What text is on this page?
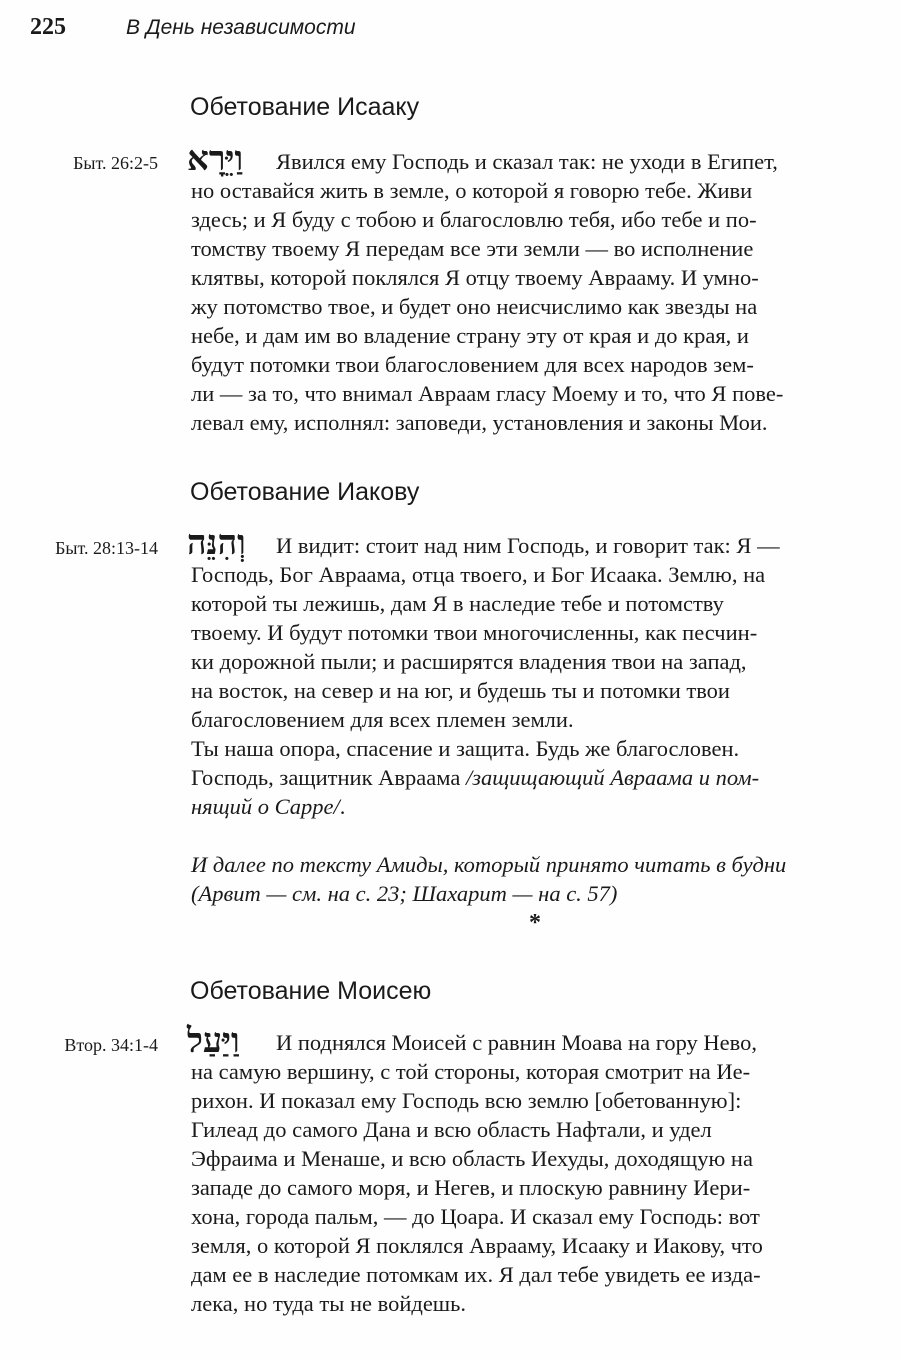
225	В День независимости
Обетование Исааку
Быт. 26:2-5 וַיֵּרָא	Явился ему Господь и сказал так: не уходи в Египет,
но оставайся жить в земле, о которой я говорю тебе. Живи
здесь; и Я буду с тобою и благословлю тебя, ибо тебе и по-
томству твоему Я передам все эти земли — во исполнение
клятвы, которой поклялся Я отцу твоему Аврааму. И умно-
жу потомство твое, и будет оно неисчислимо как звезды на
небе, и дам им во владение страну эту от края и до края, и
будут потомки твои благословением для всех народов зем-
ли — за то, что внимал Авраам гласу Моему и то, что Я пове-
левал ему, исполнял: заповеди, установления и законы Мои.
Обетование Иакову
Быт. 28:13-14 וְהִנֵּה	И видит: стоит над ним Господь, и говорит так: Я —
Господь, Бог Авраама, отца твоего, и Бог Исаака. Землю, на
которой ты лежишь, дам Я в наследие тебе и потомству
твоему. И будут потомки твои многочисленны, как песчин-
ки дорожной пыли; и расширятся владения твои на запад,
на восток, на север и на юг, и будешь ты и потомки твои
благословением для всех племен земли.
Ты наша опора, спасение и защита. Будь же благословен.
Господь, защитник Авраама /защищающий Авраама и пом-
нящий о Сарре/.
И далее по тексту Амиды, который принято читать в будни
(Арвит — см. на с. 23; Шахарит — на с. 57)
*
Обетование Моисею
Втор. 34:1-4 וַיַּעַל	И поднялся Моисей с равнин Моава на гору Нево,
на самую вершину, с той стороны, которая смотрит на Ие-
рихон. И показал ему Господь всю землю [обетованную]:
Гилеад до самого Дана и всю область Нафтали, и удел
Эфраима и Менаше, и всю область Иехуды, доходящую на
западе до самого моря, и Негев, и плоскую равнину Иери-
хона, города пальм, — до Цоара. И сказал ему Господь: вот
земля, о которой Я поклялся Аврааму, Исааку и Иакову, что
дам ее в наследие потомкам их. Я дал тебе увидеть ее изда-
лека, но туда ты не войдешь.
